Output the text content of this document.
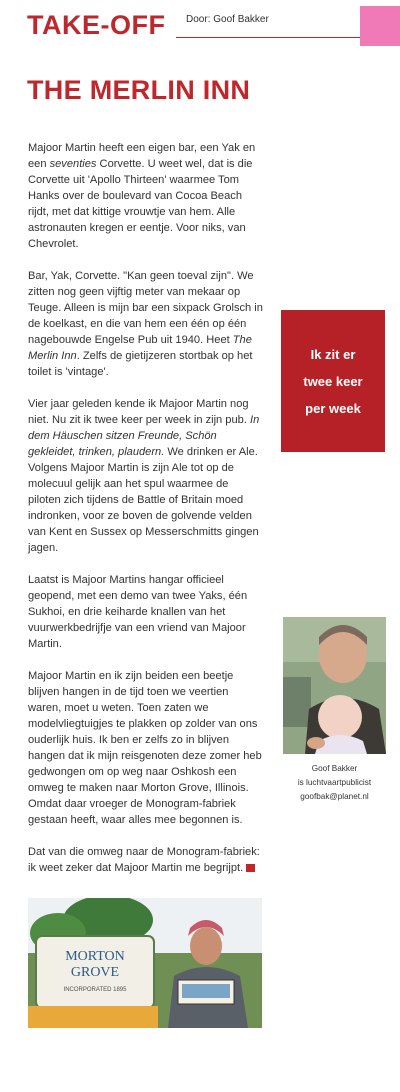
TAKE-OFF Door: Goof Bakker
THE MERLIN INN

Majoor Martin heeft een eigen bar, een Yak en een seventies Corvette. U weet wel, dat is die Corvette uit 'Apollo Thirteen' waarmee Tom Hanks over de boulevard van Cocoa Beach rijdt, met dat kittige vrouwtje van hem. Alle astronauten kregen er eentje. Voor niks, van Chevrolet.

Bar, Yak, Corvette. "Kan geen toeval zijn". We zitten nog geen vijftig meter van mekaar op Teuge. Alleen is mijn bar een sixpack Grolsch in de koelkast, en die van hem een één op één nagebouwde Engelse Pub uit 1940. Heet The Merlin Inn. Zelfs de gietijzeren stortbak op het toilet is 'vintage'.

Vier jaar geleden kende ik Majoor Martin nog niet. Nu zit ik twee keer per week in zijn pub. In dem Häuschen sitzen Freunde, Schön gekleidet, trinken, plaudern. We drinken er Ale. Volgens Majoor Martin is zijn Ale tot op de molecuul gelijk aan het spul waarmee de piloten zich tijdens de Battle of Britain moed indronken, voor ze boven de golvende velden van Kent en Sussex op Messerschmitts gingen jagen.

Laatst is Majoor Martins hangar officieel geopend, met een demo van twee Yaks, één Sukhoi, en drie keiharde knallen van het vuurwerkbedrijfje van een vriend van Majoor Martin.

Majoor Martin en ik zijn beiden een beetje blijven hangen in de tijd toen we veertien waren, moet u weten. Toen zaten we modelvliegtuigjes te plakken op zolder van ons ouderlijk huis. Ik ben er zelfs zo in blijven hangen dat ik mijn reisgenoten deze zomer heb gedwongen om op weg naar Oshkosh een omweg te maken naar Morton Grove, Illinois. Omdat daar vroeger de Monogram-fabriek gestaan heeft, waar alles mee begonnen is.

Dat van die omweg naar de Monogram-fabriek: ik weet zeker dat Majoor Martin me begrijpt.

Ik zit er
twee keer
per week
Goof Bakker
is luchtvaartpublicist
goofbak@planet.nl
MORTON
GROVE
INCORPORATED 1895
